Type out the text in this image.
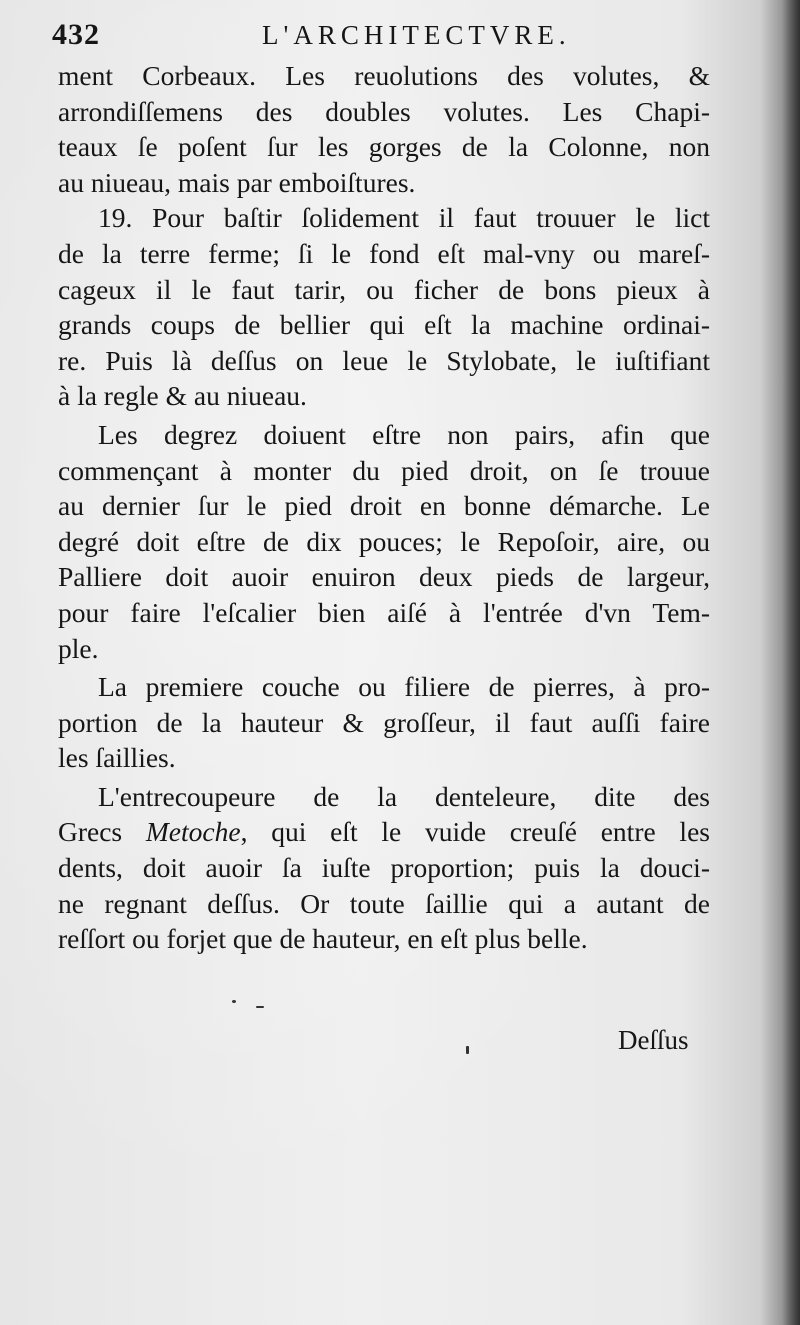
432	L'ARCHITECTVRE.
ment Corbeaux. Les reuolutions des volutes, &
arrondiſſemens des doubles volutes. Les Chapi-
teaux ſe poſent ſur les gorges de la Colonne, non
au niueau, mais par emboiſtures.
19. Pour baſtir ſolidement il faut trouuer le lict
de la terre ferme; ſi le fond eſt mal-vny ou mareſ-
cageux il le faut tarir, ou ficher de bons pieux à
grands coups de bellier qui eſt la machine ordinai-
re. Puis là deſſus on leue le Stylobate, le iuſtifiant
à la regle & au niueau.
Les degrez doiuent eſtre non pairs, afin que
commençant à monter du pied droit, on ſe trouue
au dernier ſur le pied droit en bonne démarche. Le
degré doit eſtre de dix pouces; le Repoſoir, aire, ou
Palliere doit auoir enuiron deux pieds de largeur,
pour faire l'eſcalier bien aiſé à l'entrée d'vn Tem-
ple.
La premiere couche ou filiere de pierres, à pro-
portion de la hauteur & groſſeur, il faut auſſi faire
les ſaillies.
L'entrecoupeure de la denteleure, dite des
Grecs Metoche, qui eſt le vuide creuſé entre les
dents, doit auoir ſa iuſte proportion; puis la douci-
ne regnant deſſus. Or toute ſaillie qui a autant de
reſſort ou forjet que de hauteur, en eſt plus belle.
Deſſus
